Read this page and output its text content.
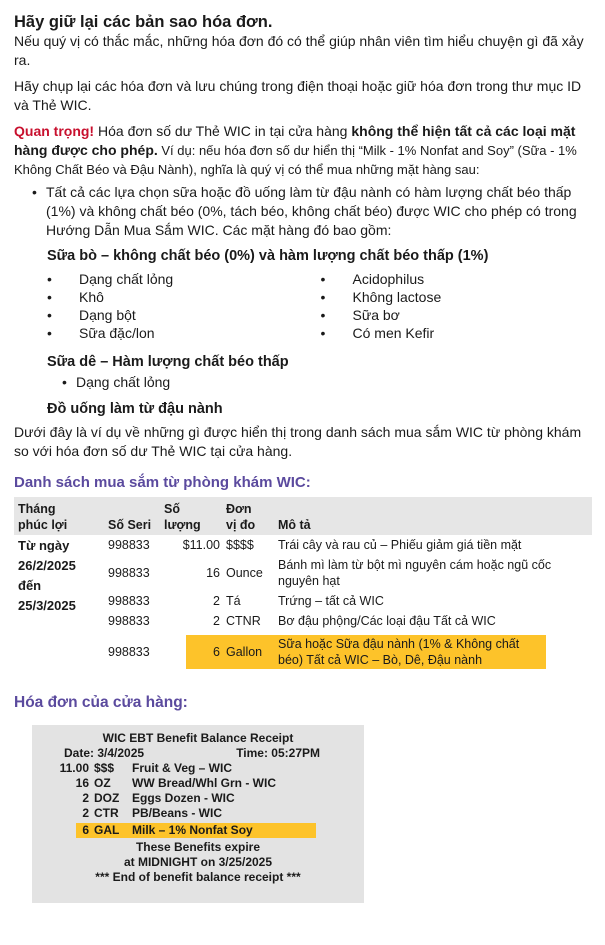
Hãy giữ lại các bản sao hóa đơn.
Nếu quý vị có thắc mắc, những hóa đơn đó có thể giúp nhân viên tìm hiểu chuyện gì đã xảy ra.
Hãy chụp lại các hóa đơn và lưu chúng trong điện thoại hoặc giữ hóa đơn trong thư mục ID và Thẻ WIC.
Quan trọng! Hóa đơn số dư Thẻ WIC in tại cửa hàng không thể hiện tất cả các loại mặt hàng được cho phép. Ví dụ: nếu hóa đơn số dư hiển thị “Milk - 1% Nonfat and Soy” (Sữa - 1% Không Chất Béo và Đậu Nành), nghĩa là quý vị có thể mua những mặt hàng sau:
• Tất cả các lựa chọn sữa hoặc đồ uống làm từ đậu nành có hàm lượng chất béo thấp (1%) và không chất béo (0%, tách béo, không chất béo) được WIC cho phép có trong Hướng Dẫn Mua Sắm WIC. Các mặt hàng đó bao gồm:
Sữa bò – không chất béo (0%) và hàm lượng chất béo thấp (1%)
•	Dạng chất lỏng
•	Khô
•	Dạng bột
•	Sữa đặc/lon
•	Acidophilus
•	Không lactose
•	Sữa bơ
•	Có men Kefir
Sữa dê – Hàm lượng chất béo thấp
• Dạng chất lỏng
Đồ uống làm từ đậu nành
Dưới đây là ví dụ về những gì được hiển thị trong danh sách mua sắm WIC từ phòng khám so với hóa đơn số dư Thẻ WIC tại cửa hàng.
Danh sách mua sắm từ phòng khám WIC:
Tháng
phúc lợi	Số Seri
Số lượng
Đơn
vị đo	Mô tả
Từ ngày
26/2/2025
đến
25/3/2025
998833	$11.00 $$$$	Trái cây và rau củ – Phiếu giảm giá tiền mặt
998833	16 Ounce
Bánh mì làm từ bột mì nguyên cám hoặc ngũ cốc nguyên hạt
998833	2 Tá	Trứng – tất cả WIC
998833	2 CTNR	Bơ đậu phộng/Các loại đậu Tất cả WIC
998833	6 Gallon
Sữa hoặc Sữa đậu nành (1% & Không chất béo) Tất cả WIC – Bò, Dê, Đậu nành
Hóa đơn của cửa hàng:
WIC EBT Benefit Balance Receipt
Date: 3/4/2025	Time: 05:27PM
11.00 $$$	Fruit & Veg – WIC
16 OZ	WW Bread/Whl Grn - WIC
2 DOZ	Eggs Dozen - WIC
2 CTR	PB/Beans - WIC
6 GAL	Milk – 1% Nonfat Soy
These Benefits expire
at MIDNIGHT on 3/25/2025
*** End of benefit balance receipt ***
